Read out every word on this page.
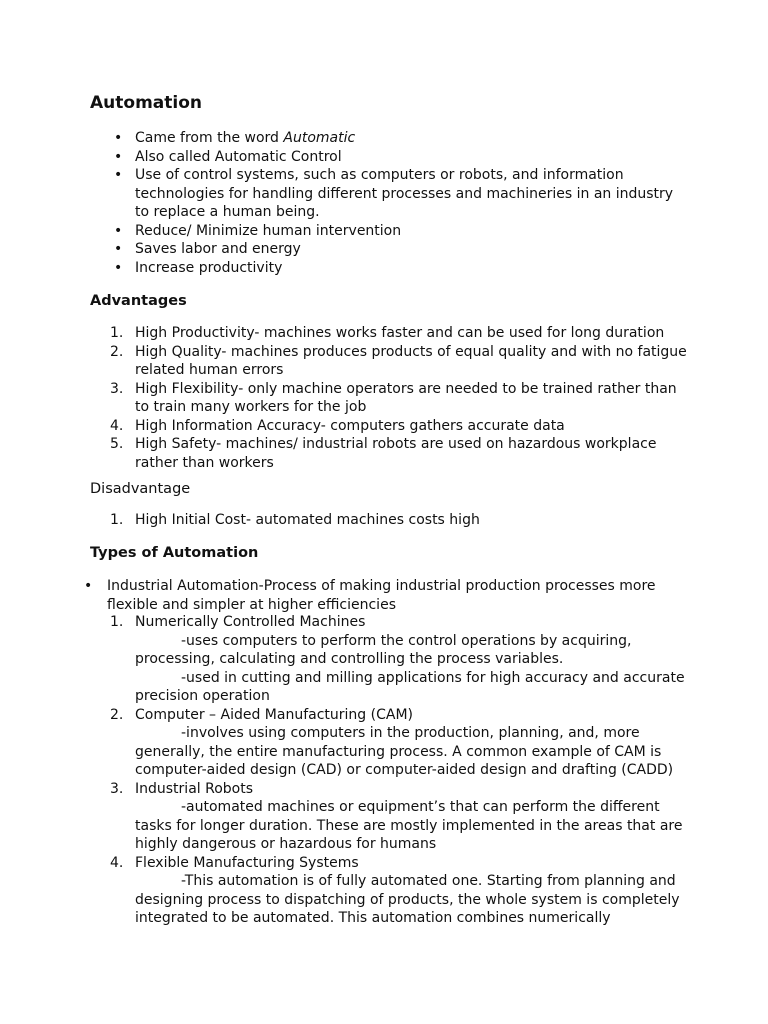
Automation
• Came from the word Automatic
• Also called Automatic Control
• Use of control systems, such as computers or robots, and information technologies for handling different processes and machineries in an industry to replace a human being.
• Reduce/ Minimize human intervention
• Saves labor and energy
• Increase productivity
Advantages
1. High Productivity- machines works faster and can be used for long duration
2. High Quality- machines produces products of equal quality and with no fatigue related human errors
3. High Flexibility- only machine operators are needed to be trained rather than to train many workers for the job
4. High Information Accuracy- computers gathers accurate data
5. High Safety- machines/ industrial robots are used on hazardous workplace rather than workers
Disadvantage
1. High Initial Cost- automated machines costs high
Types of Automation
• Industrial Automation-Process of making industrial production processes more flexible and simpler at higher efficiencies
1. Numerically Controlled Machines
-uses computers to perform the control operations by acquiring, processing, calculating and controlling the process variables.
-used in cutting and milling applications for high accuracy and accurate precision operation
2. Computer – Aided Manufacturing (CAM)
-involves using computers in the production, planning, and, more generally, the entire manufacturing process. A common example of CAM is computer-aided design (CAD) or computer-aided design and drafting (CADD)
3. Industrial Robots
-automated machines or equipment’s that can perform the different tasks for longer duration. These are mostly implemented in the areas that are highly dangerous or hazardous for humans
4. Flexible Manufacturing Systems
-This automation is of fully automated one. Starting from planning and designing process to dispatching of products, the whole system is completely integrated to be automated. This automation combines numerically
